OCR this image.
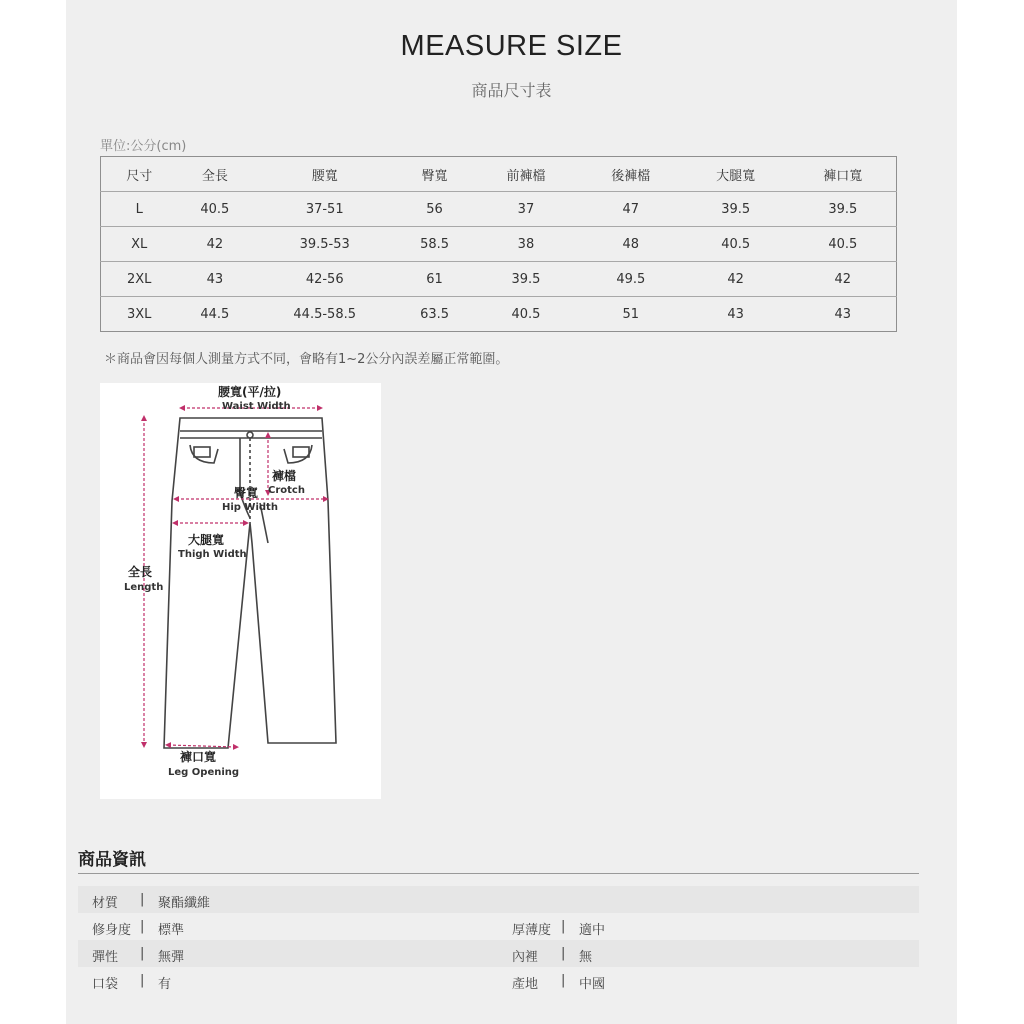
MEASURE SIZE
商品尺寸表
單位:公分(cm)
尺寸	全長	腰寬	臀寬	前褲檔	後褲檔	大腿寬	褲口寬
L	40.5	37-51	56	37	47	39.5	39.5
XL	42	39.5-53	58.5	38	48	40.5	40.5
2XL	43	42-56	61	39.5	49.5	42	42
3XL	44.5	44.5-58.5	63.5	40.5	51	43	43
＊商品會因每個人測量方式不同，會略有1~2公分內誤差屬正常範圍。
腰寬(平/拉)
Waist Width
褲檔
Crotch
臀寬
Hip Width
大腿寬
Thigh Width
全長
Length
褲口寬
Leg Opening
商品資訊
材質 | 聚酯纖維
修身度 | 標準	厚薄度 | 適中
彈性 | 無彈	內裡 | 無
口袋 | 有	產地 | 中國
